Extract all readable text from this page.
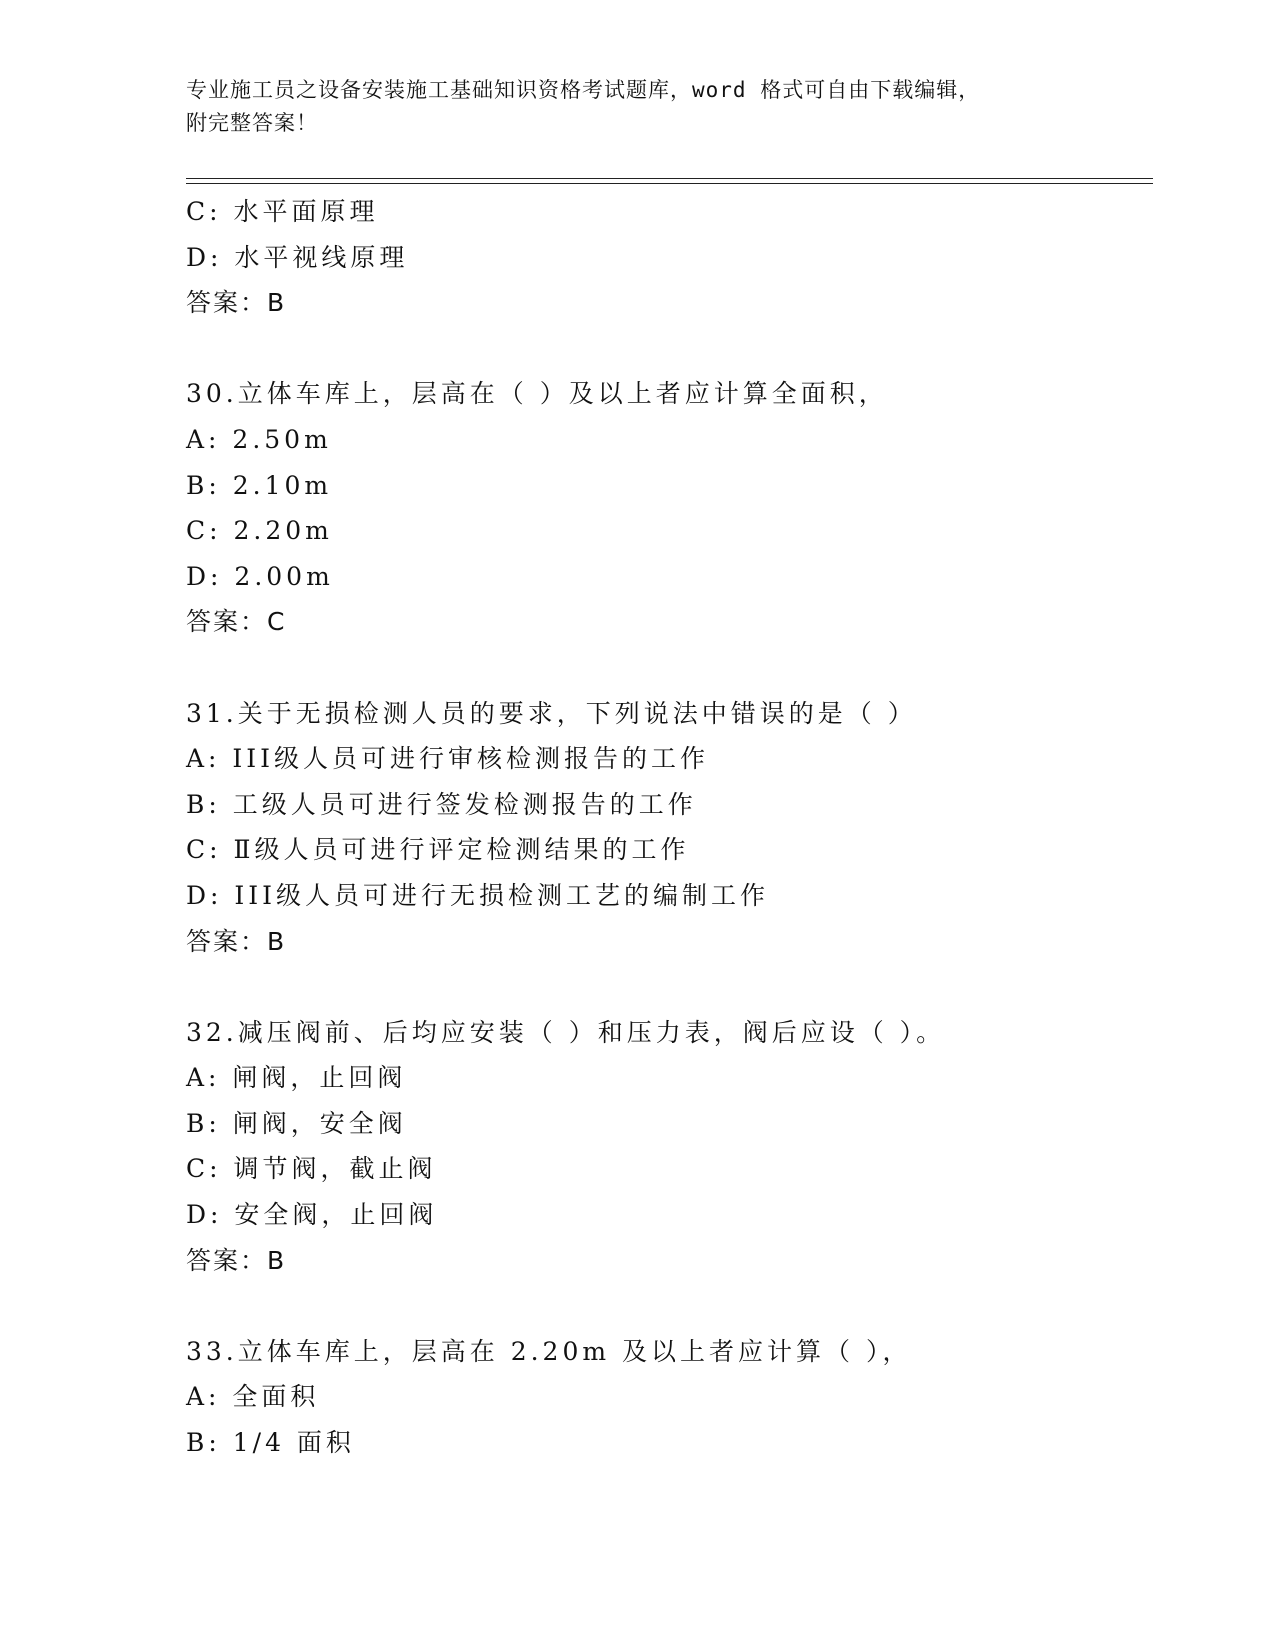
专业施工员之设备安装施工基础知识资格考试题库，word 格式可自由下载编辑，
附完整答案！
C: 水平面原理
D: 水平视线原理
答案：B
30.立体车库上，层高在（ ）及以上者应计算全面积，
A: 2.50m
B: 2.10m
C: 2.20m
D: 2.00m
答案：C
31.关于无损检测人员的要求，下列说法中错误的是（ ）
A: III级人员可进行审核检测报告的工作
B: 工级人员可进行签发检测报告的工作
C: Ⅱ级人员可进行评定检测结果的工作
D: III级人员可进行无损检测工艺的编制工作
答案：B
32.减压阀前、后均应安装（ ）和压力表，阀后应设（ ）。
A: 闸阀，止回阀
B: 闸阀，安全阀
C: 调节阀，截止阀
D: 安全阀，止回阀
答案：B
33.立体车库上，层高在 2.20m 及以上者应计算（ ），
A: 全面积
B: 1/4 面积
